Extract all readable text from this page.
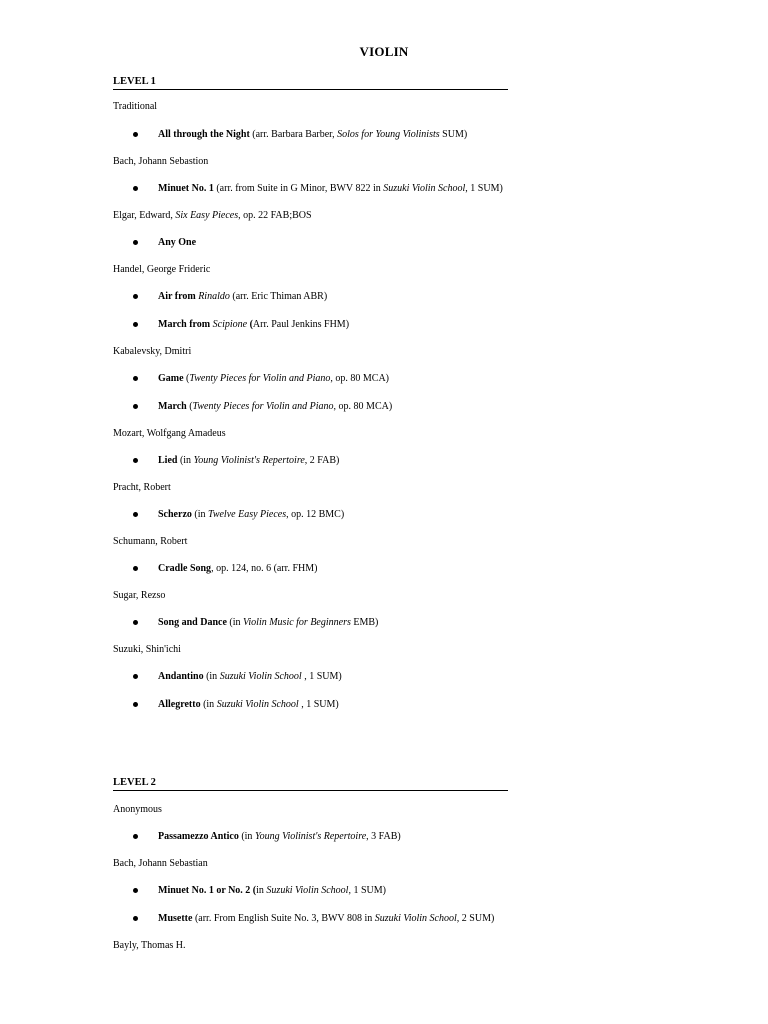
VIOLIN
LEVEL 1
Traditional
All through the Night (arr. Barbara Barber, Solos for Young Violinists SUM)
Bach, Johann Sebastion
Minuet No. 1 (arr. from Suite in G Minor, BWV 822 in Suzuki Violin School, 1 SUM)
Elgar, Edward, Six Easy Pieces, op. 22 FAB;BOS
Any One
Handel, George Frideric
Air from Rinaldo (arr. Eric Thiman ABR)
March from Scipione (Arr. Paul Jenkins FHM)
Kabalevsky, Dmitri
Game (Twenty Pieces for Violin and Piano, op. 80 MCA)
March (Twenty Pieces for Violin and Piano, op. 80 MCA)
Mozart, Wolfgang Amadeus
Lied (in Young Violinist's Repertoire, 2 FAB)
Pracht, Robert
Scherzo (in Twelve Easy Pieces, op. 12 BMC)
Schumann, Robert
Cradle Song, op. 124, no. 6 (arr. FHM)
Sugar, Rezso
Song and Dance (in Violin Music for Beginners EMB)
Suzuki, Shin'ichi
Andantino (in Suzuki Violin School , 1 SUM)
Allegretto (in Suzuki Violin School , 1 SUM)
LEVEL 2
Anonymous
Passamezzo Antico (in Young Violinist's Repertoire, 3 FAB)
Bach, Johann Sebastian
Minuet No. 1 or No. 2 (in Suzuki Violin School, 1 SUM)
Musette (arr. From English Suite No. 3, BWV 808 in Suzuki Violin School, 2 SUM)
Bayly, Thomas H.
